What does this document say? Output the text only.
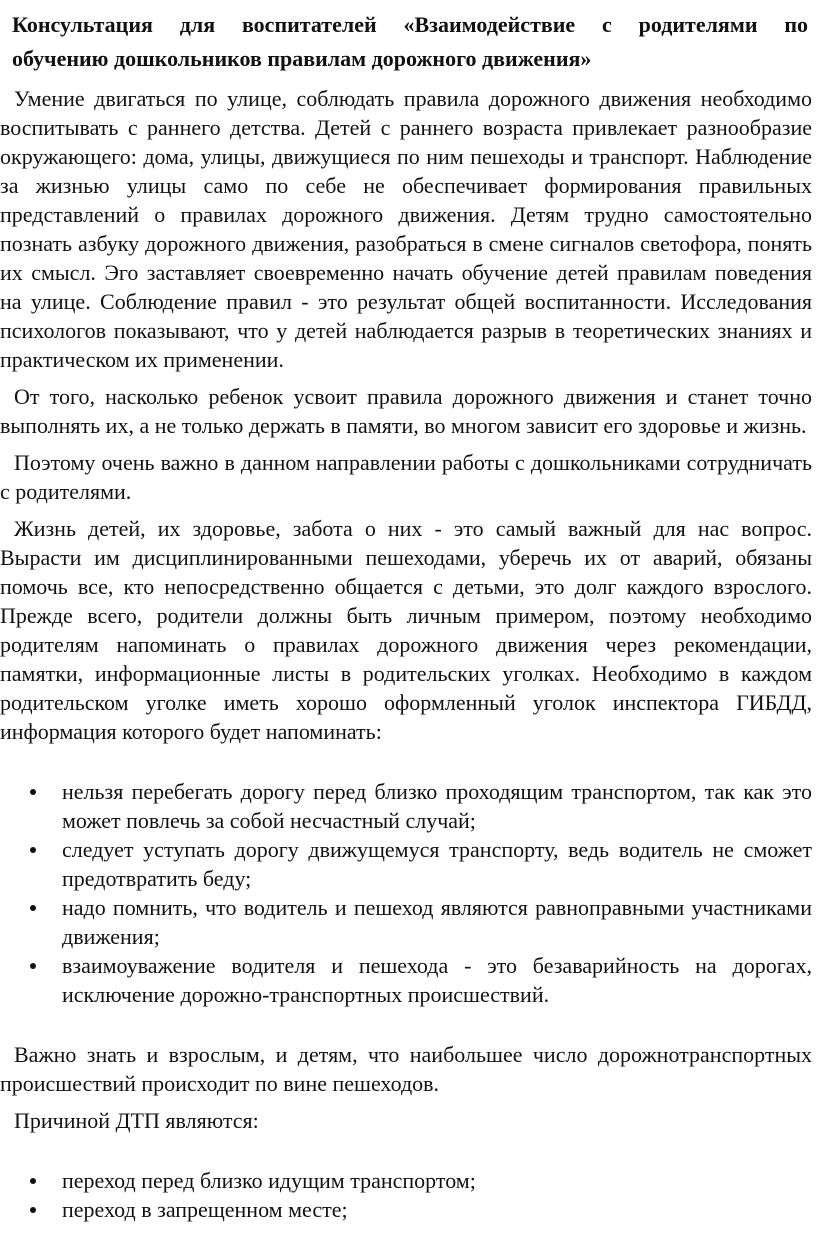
Консультация для воспитателей «Взаимодействие с родителями по
обучению дошкольников правилам дорожного движения»

Умение двигаться по улице, соблюдать правила дорожного движения необходимо воспитывать с раннего детства. Детей с раннего возраста привлекает разнообразие окружающего: дома, улицы, движущиеся по ним пешеходы и транспорт. Наблюдение за жизнью улицы само по себе не обеспечивает формирования правильных представлений о правилах дорожного движения. Детям трудно самостоятельно познать азбуку дорожного движения, разобраться в смене сигналов светофора, понять их смысл. Эго заставляет своевременно начать обучение детей правилам поведения на улице. Соблюдение правил - это результат общей воспитанности. Исследования психологов показывают, что у детей наблюдается разрыв в теоретических знаниях и практическом их применении.

От того, насколько ребенок усвоит правила дорожного движения и станет точно выполнять их, а не только держать в памяти, во многом зависит его здоровье и жизнь.

Поэтому очень важно в данном направлении работы с дошкольниками сотрудничать с родителями.

Жизнь детей, их здоровье, забота о них - это самый важный для нас вопрос. Вырасти им дисциплинированными пешеходами, уберечь их от аварий, обязаны помочь все, кто непосредственно общается с детьми, это долг каждого взрослого. Прежде всего, родители должны быть личным примером, поэтому необходимо родителям напоминать о правилах дорожного движения через рекомендации, памятки, информационные листы в родительских уголках. Необходимо в каждом родительском уголке иметь хорошо оформленный уголок инспектора ГИБДД, информация которого будет напоминать:

нельзя перебегать дорогу перед близко проходящим транспортом, так как это может повлечь за собой несчастный случай;
следует уступать дорогу движущемуся транспорту, ведь водитель не сможет предотвратить беду;
надо помнить, что водитель и пешеход являются равноправными участниками движения;
взаимоуважение водителя и пешехода - это безаварийность на дорогах, исключение дорожно-транспортных происшествий.

Важно знать и взрослым, и детям, что наибольшее число дорожнотранспортных происшествий происходит по вине пешеходов.

Причиной ДТП являются:

переход перед близко идущим транспортом;
переход в запрещенном месте;
